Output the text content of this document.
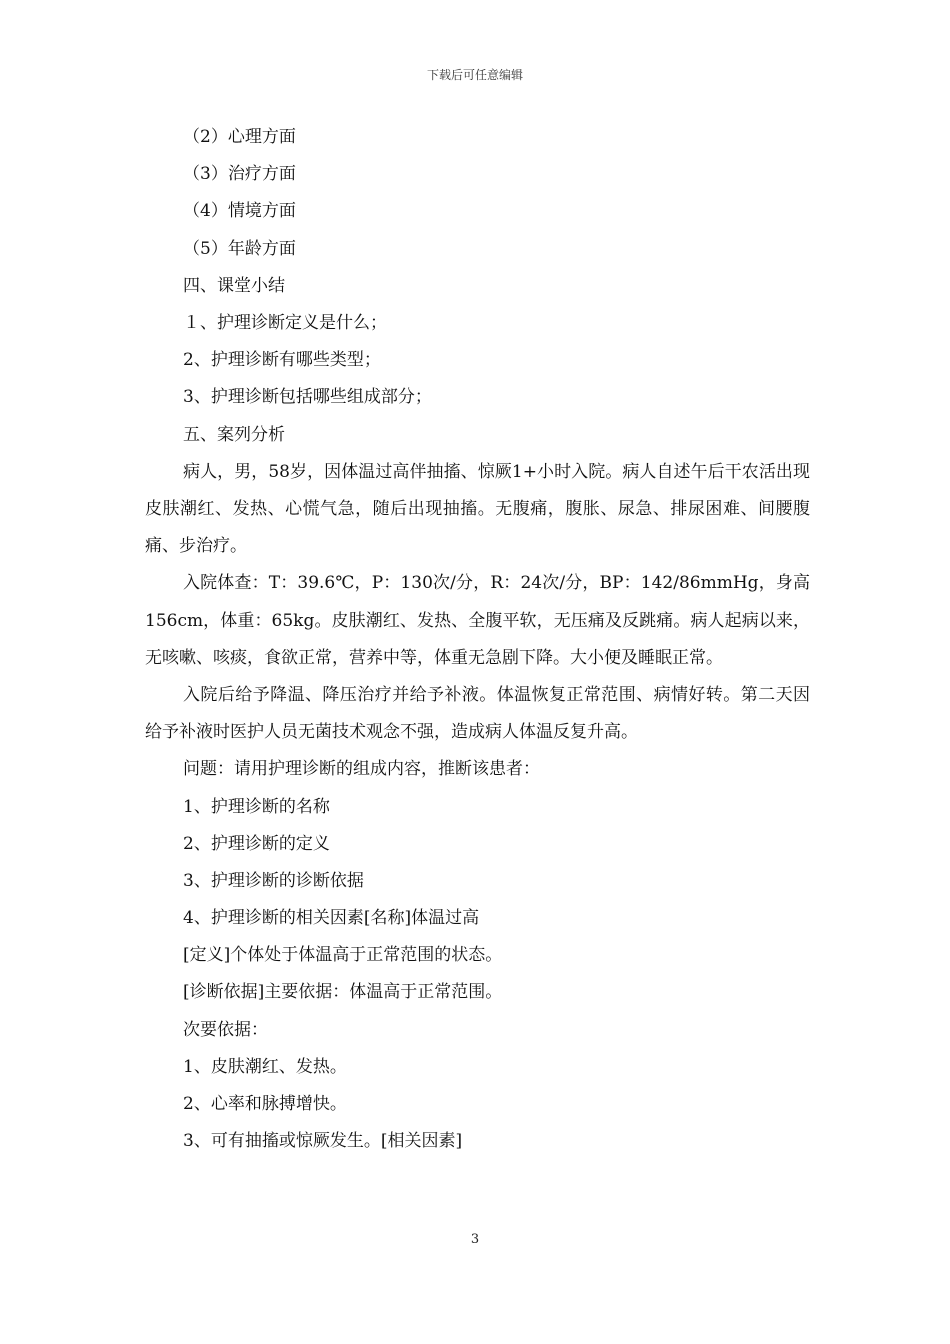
下载后可任意编辑
（2）心理方面
（3）治疗方面
（4）情境方面
（5）年龄方面
四、课堂小结
１、护理诊断定义是什么；
2、护理诊断有哪些类型；
3、护理诊断包括哪些组成部分；
五、案列分析
病人，男，58岁，因体温过高伴抽搐、惊厥1+小时入院。病人自述午后干农活出现皮肤潮红、发热、心慌气急，随后出现抽搐。无腹痛，腹胀、尿急、排尿困难、间腰腹痛、步治疗。
入院体查：T：39.6℃，P：130次/分，R：24次/分，BP：142/86mmHg，身高156cm，体重：65kg。皮肤潮红、发热、全腹平软，无压痛及反跳痛。病人起病以来，无咳嗽、咳痰，食欲正常，营养中等，体重无急剧下降。大小便及睡眠正常。
入院后给予降温、降压治疗并给予补液。体温恢复正常范围、病情好转。第二天因给予补液时医护人员无菌技术观念不强，造成病人体温反复升高。
问题：请用护理诊断的组成内容，推断该患者：
1、护理诊断的名称
2、护理诊断的定义
3、护理诊断的诊断依据
4、护理诊断的相关因素[名称]体温过高
[定义]个体处于体温高于正常范围的状态。
[诊断依据]主要依据：体温高于正常范围。
次要依据：
1、皮肤潮红、发热。
2、心率和脉搏增快。
3、可有抽搐或惊厥发生。[相关因素]
3
